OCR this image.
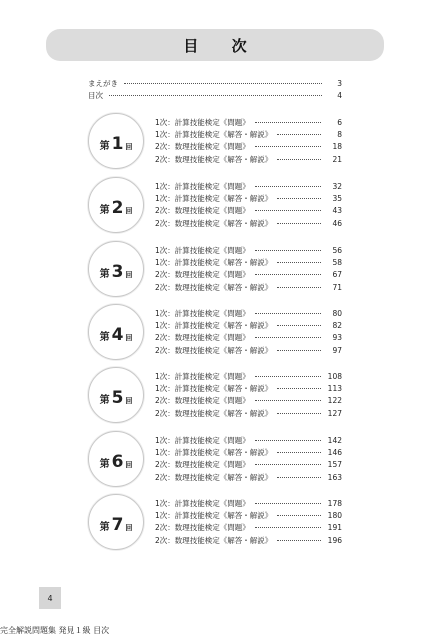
目 次
まえがき	3
目次	4
第 1 回
1次：計算技能検定《問題》	6
1次：計算技能検定《解答・解説》	8
2次：数理技能検定《問題》	18
2次：数理技能検定《解答・解説》	21
第 2 回
1次：計算技能検定《問題》	32
1次：計算技能検定《解答・解説》	35
2次：数理技能検定《問題》	43
2次：数理技能検定《解答・解説》	46
第 3 回
1次：計算技能検定《問題》	56
1次：計算技能検定《解答・解説》	58
2次：数理技能検定《問題》	67
2次：数理技能検定《解答・解説》	71
第 4 回
1次：計算技能検定《問題》	80
1次：計算技能検定《解答・解説》	82
2次：数理技能検定《問題》	93
2次：数理技能検定《解答・解説》	97
第 5 回
1次：計算技能検定《問題》	108
1次：計算技能検定《解答・解説》	113
2次：数理技能検定《問題》	122
2次：数理技能検定《解答・解説》	127
第 6 回
1次：計算技能検定《問題》	142
1次：計算技能検定《解答・解説》	146
2次：数理技能検定《問題》	157
2次：数理技能検定《解答・解説》	163
第 7 回
1次：計算技能検定《問題》	178
1次：計算技能検定《解答・解説》	180
2次：数理技能検定《問題》	191
2次：数理技能検定《解答・解説》	196
4
完全解説問題集 発見１級 目次
